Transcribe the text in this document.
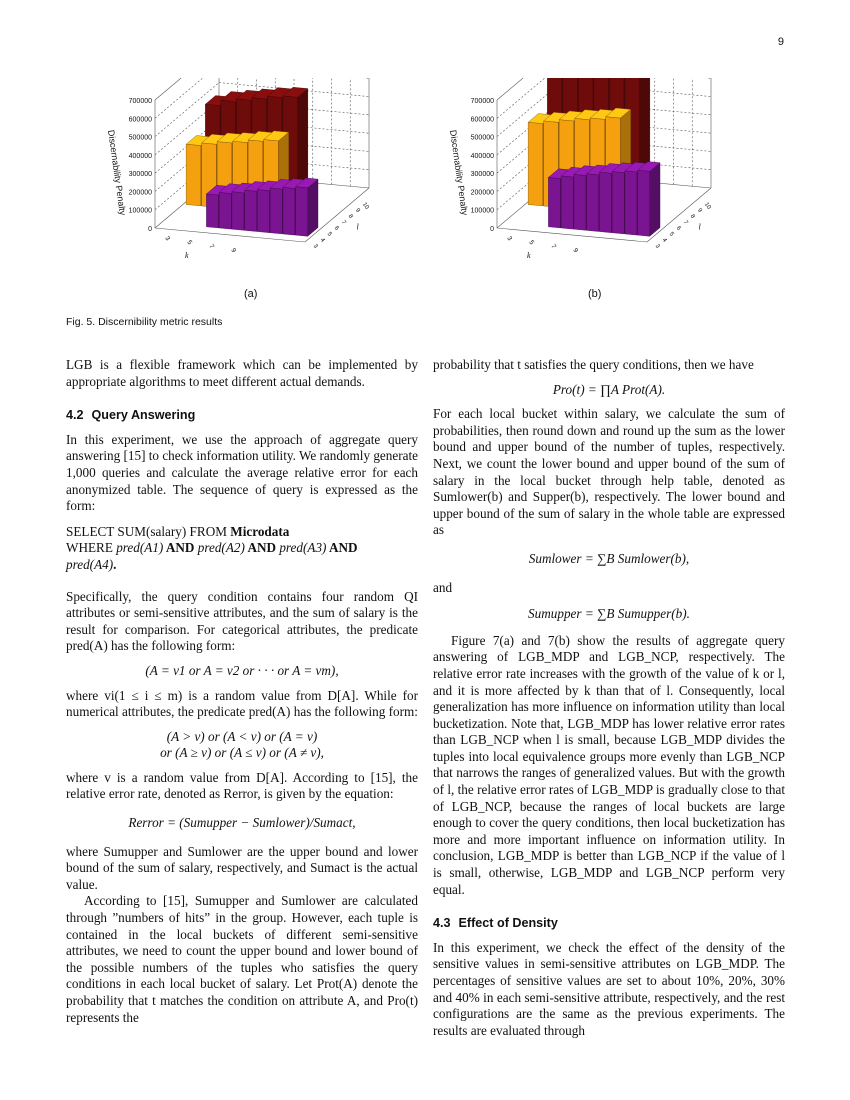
9
0
100000
200000
300000
400000
500000
600000
700000
Discernability Penalty
3
5
7
9
k
3
4
5
6
7
8
9
10
l	0
100000
200000
300000
400000
500000
600000
700000
Discernability Penalty
3
5
7
9
k
3
4
5
6
7
8
9
10
l
(a)	(b)
Fig. 5. Discernibility metric results

LGB is a flexible framework which can be implemented by appropriate algorithms to meet different actual demands.

4.2 Query Answering

In this experiment, we use the approach of aggregate query answering [15] to check information utility. We randomly generate 1,000 queries and calculate the average relative error for each anonymized table. The sequence of query is expressed as the form:

SELECT SUM(salary) FROM Microdata
WHERE pred(A1) AND pred(A2) AND pred(A3) AND
pred(A4).

Specifically, the query condition contains four random QI attributes or semi-sensitive attributes, and the sum of salary is the result for comparison. For categorical attributes, the predicate pred(A) has the following form:

(A = v1 or A = v2 or · · · or A = vm),

where vi(1 ≤ i ≤ m) is a random value from D[A]. While for numerical attributes, the predicate pred(A) has the following form:

(A > v) or (A < v) or (A = v)

or (A ≥ v) or (A ≤ v) or (A ≠ v),

where v is a random value from D[A]. According to [15], the relative error rate, denoted as Rerror, is given by the equation:

Rerror = (Sumupper − Sumlower)/Sumact,

where Sumupper and Sumlower are the upper bound and lower bound of the sum of salary, respectively, and Sumact is the actual value.

According to [15], Sumupper and Sumlower are calculated through ”numbers of hits” in the group. However, each tuple is contained in the local buckets of different semi-sensitive attributes, we need to count the upper bound and lower bound of the possible numbers of the tuples who satisfies the query conditions in each local bucket of salary. Let Prot(A) denote the probability that t matches the condition on attribute A, and Pro(t) represents the

probability that t satisfies the query conditions, then we have

Pro(t) = ∏A Prot(A).

For each local bucket within salary, we calculate the sum of probabilities, then round down and round up the sum as the lower bound and upper bound of the number of tuples, respectively. Next, we count the lower bound and upper bound of the sum of salary in the local bucket through help table, denoted as Sumlower(b) and Supper(b), respectively. The lower bound and upper bound of the sum of salary in the whole table are expressed as

Sumlower = ∑B Sumlower(b),

and

Sumupper = ∑B Sumupper(b).

Figure 7(a) and 7(b) show the results of aggregate query answering of LGB_MDP and LGB_NCP, respectively. The relative error rate increases with the growth of the value of k or l, and it is more affected by k than that of l. Consequently, local generalization has more influence on information utility than local bucketization. Note that, LGB_MDP has lower relative error rates than LGB_NCP when l is small, because LGB_MDP divides the tuples into local equivalence groups more evenly than LGB_NCP that narrows the ranges of generalized values. But with the growth of l, the relative error rates of LGB_MDP is gradually close to that of LGB_NCP, because the ranges of local buckets are large enough to cover the query conditions, then local bucketization has more and more important influence on information utility. In conclusion, LGB_MDP is better than LGB_NCP if the value of l is small, otherwise, LGB_MDP and LGB_NCP perform very equal.

4.3 Effect of Density

In this experiment, we check the effect of the density of the sensitive values in semi-sensitive attributes on LGB_MDP. The percentages of sensitive values are set to about 10%, 20%, 30% and 40% in each semi-sensitive attribute, respectively, and the rest configurations are the same as the previous experiments. The results are evaluated through
